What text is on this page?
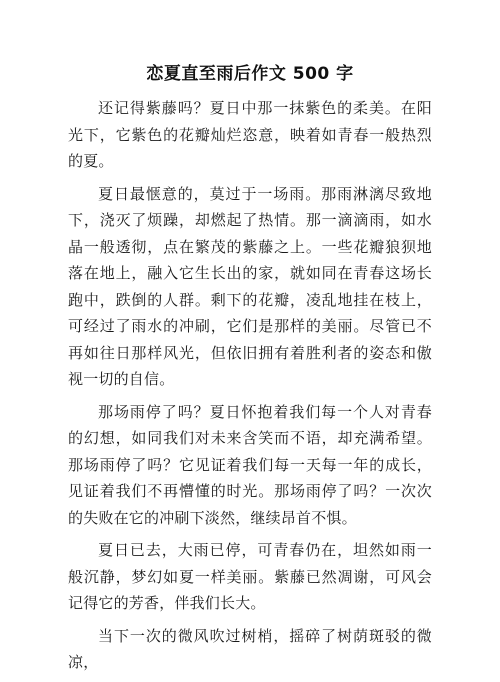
恋夏直至雨后作文 500 字

还记得紫藤吗？夏日中那一抹紫色的柔美。在阳光下，它紫色的花瓣灿烂恣意，映着如青春一般热烈的夏。

夏日最惬意的，莫过于一场雨。那雨淋漓尽致地下，浇灭了烦躁，却燃起了热情。那一滴滴雨，如水晶一般透彻，点在繁茂的紫藤之上。一些花瓣狼狈地落在地上，融入它生长出的家，就如同在青春这场长跑中，跌倒的人群。剩下的花瓣，凌乱地挂在枝上，可经过了雨水的冲刷，它们是那样的美丽。尽管已不再如往日那样风光，但依旧拥有着胜利者的姿态和傲视一切的自信。

那场雨停了吗？夏日怀抱着我们每一个人对青春的幻想，如同我们对未来含笑而不语，却充满希望。那场雨停了吗？它见证着我们每一天每一年的成长，见证着我们不再懵懂的时光。那场雨停了吗？一次次的失败在它的冲刷下淡然，继续昂首不惧。

夏日已去，大雨已停，可青春仍在，坦然如雨一般沉静，梦幻如夏一样美丽。紫藤已然凋谢，可风会记得它的芳香，伴我们长大。

当下一次的微风吹过树梢，摇碎了树荫斑驳的微凉，
